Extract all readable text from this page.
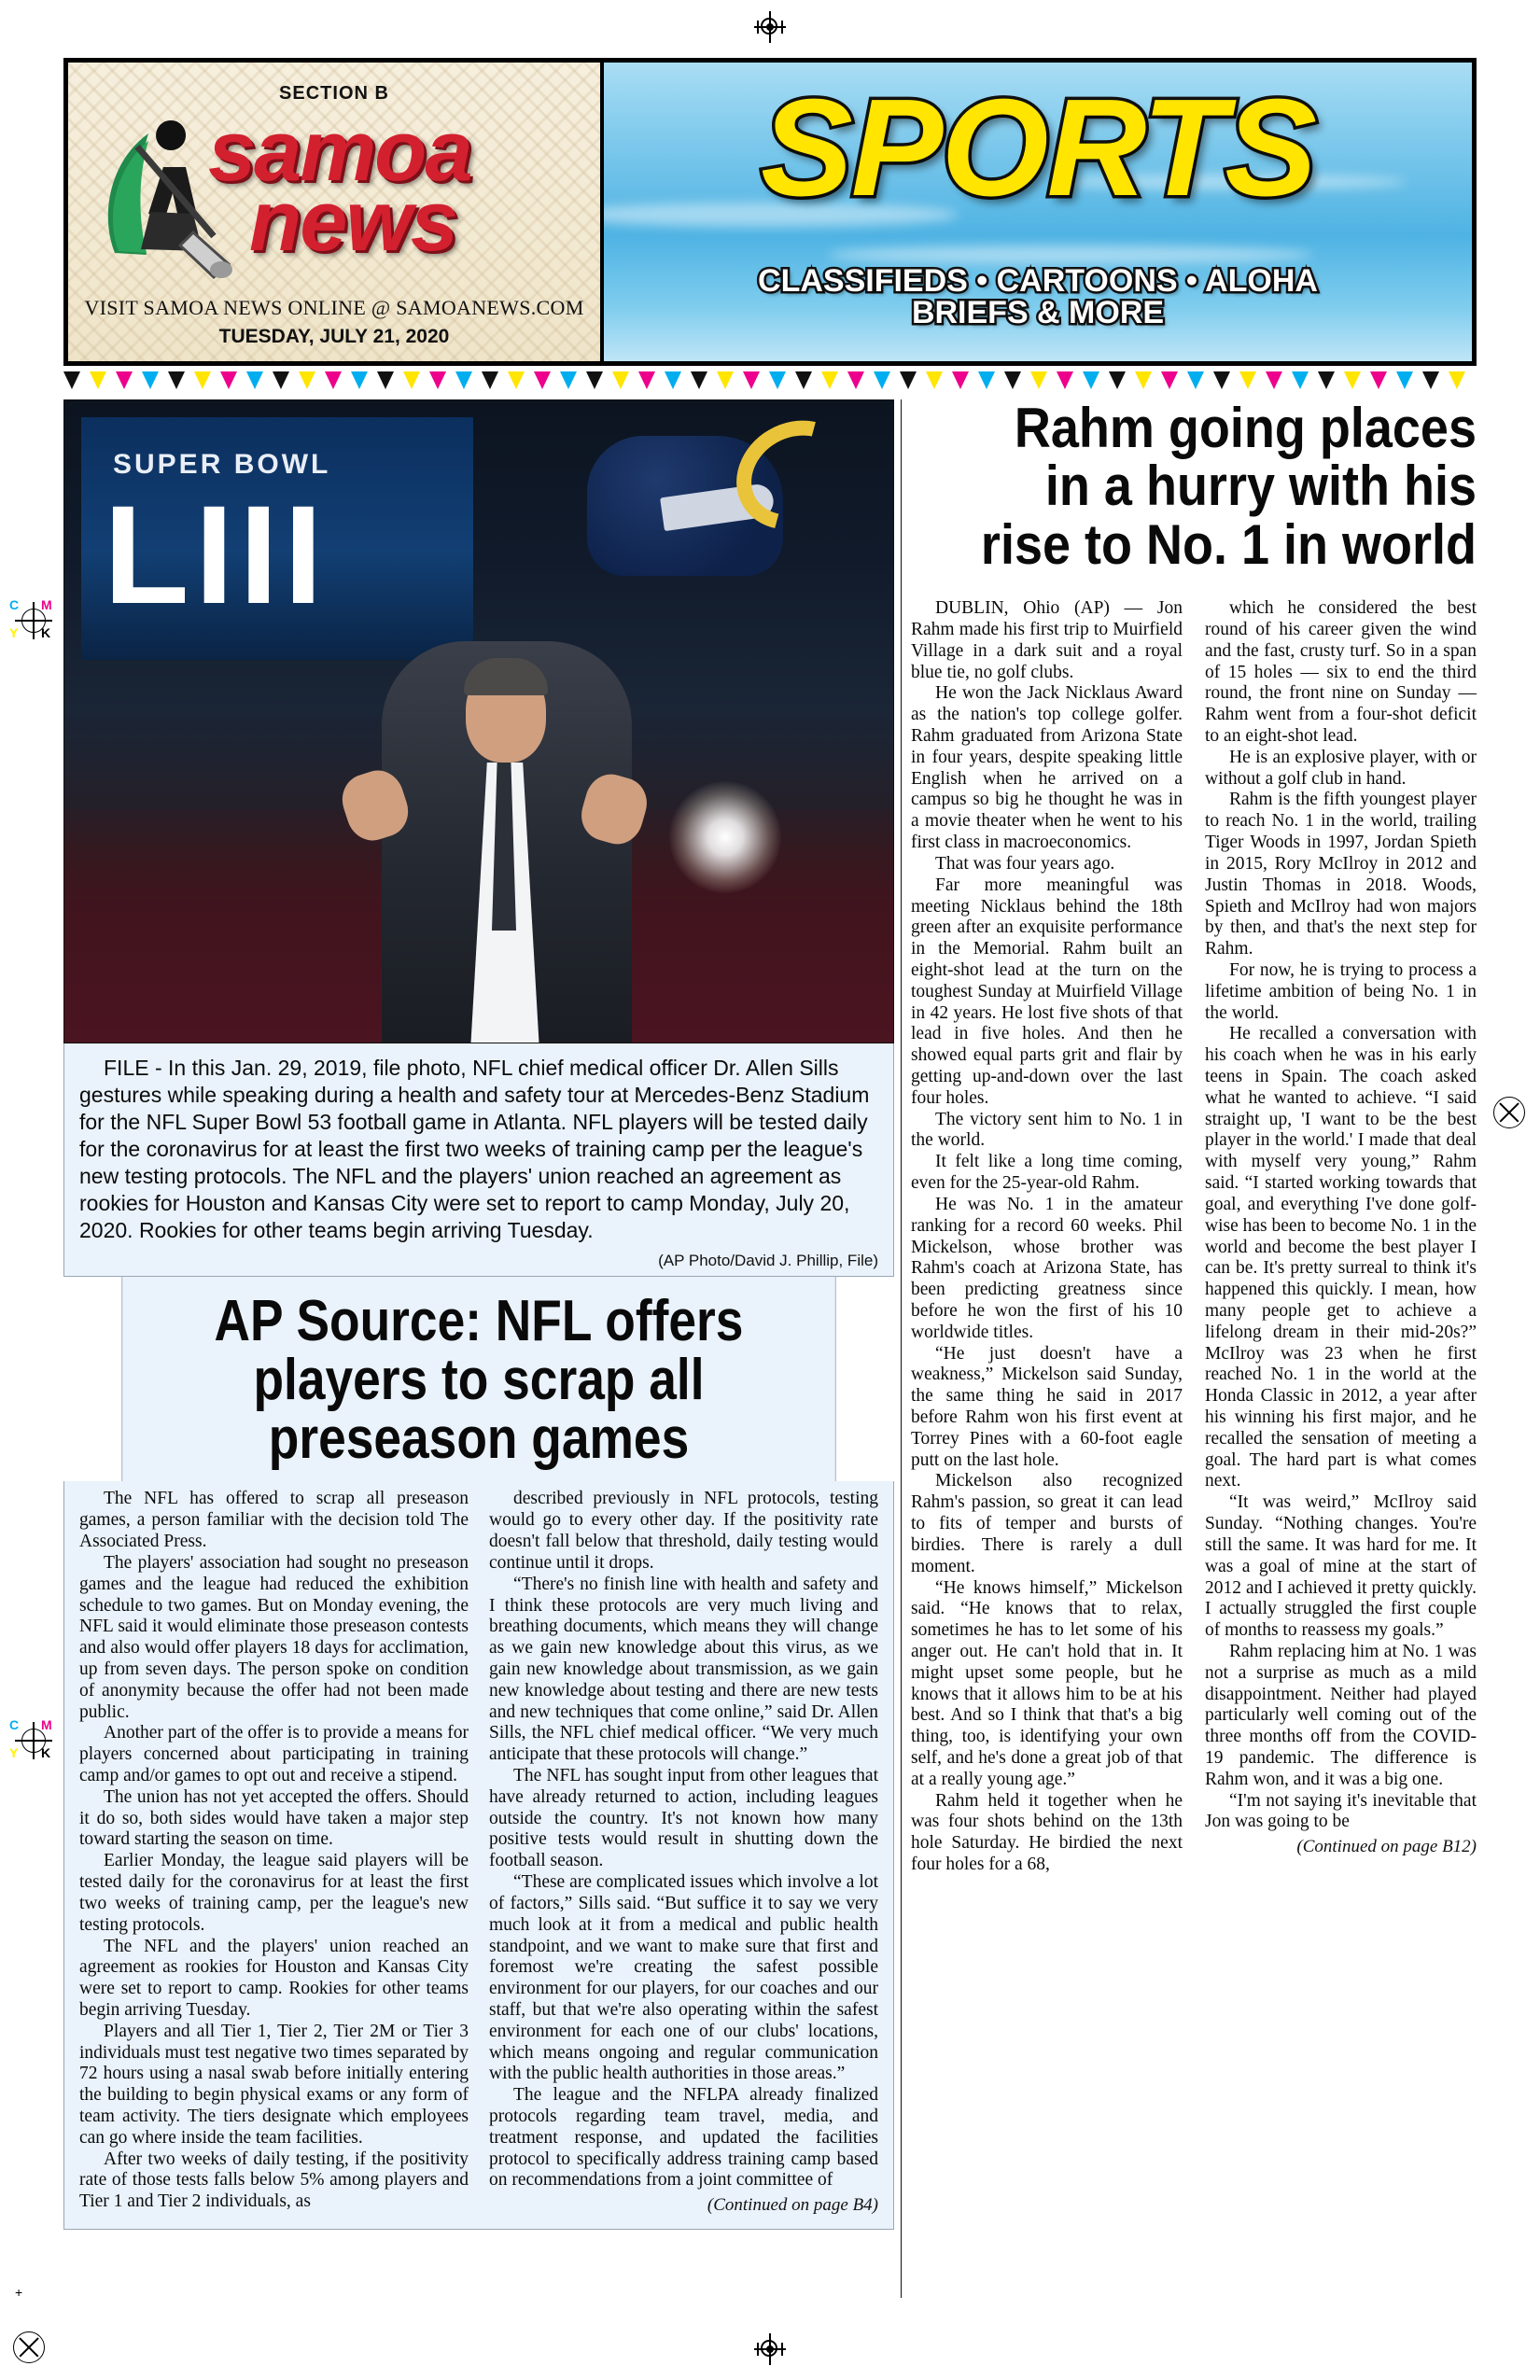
C M
Y K
C M
Y K
+
SECTION B
samoa
news
VISIT SAMOA NEWS ONLINE @ SAMOANEWS.COM
TUESDAY, JULY 21, 2020
SPORTS
CLASSIFIEDS • CARTOONS • ALOHA
BRIEFS & MORE
SUPER BOWL
LIII
FILE - In this Jan. 29, 2019, file photo, NFL chief medical officer Dr. Allen Sills gestures while speaking during a health and safety tour at Mercedes-Benz Stadium for the NFL Super Bowl 53 football game in Atlanta. NFL players will be tested daily for the coronavirus for at least the first two weeks of training camp per the league's new testing protocols. The NFL and the players' union reached an agreement as rookies for Houston and Kansas City were set to report to camp Monday, July 20, 2020. Rookies for other teams begin arriving Tuesday.
(AP Photo/David J. Phillip, File)
AP Source: NFL offers players to scrap all preseason games

The NFL has offered to scrap all preseason games, a person familiar with the decision told The Associated Press.

The players' association had sought no preseason games and the league had reduced the exhibition schedule to two games. But on Monday evening, the NFL said it would eliminate those preseason contests and also would offer players 18 days for acclimation, up from seven days. The person spoke on condition of anonymity because the offer had not been made public.

Another part of the offer is to provide a means for players concerned about participating in training camp and/or games to opt out and receive a stipend.

The union has not yet accepted the offers. Should it do so, both sides would have taken a major step toward starting the season on time.

Earlier Monday, the league said players will be tested daily for the coronavirus for at least the first two weeks of training camp, per the league's new testing protocols.

The NFL and the players' union reached an agreement as rookies for Houston and Kansas City were set to report to camp. Rookies for other teams begin arriving Tuesday.

Players and all Tier 1, Tier 2, Tier 2M or Tier 3 individuals must test negative two times separated by 72 hours using a nasal swab before initially entering the building to begin physical exams or any form of team activity. The tiers designate which employees can go where inside the team facilities.

After two weeks of daily testing, if the positivity rate of those tests falls below 5% among players and Tier 1 and Tier 2 individuals, as

described previously in NFL protocols, testing would go to every other day. If the positivity rate doesn't fall below that threshold, daily testing would continue until it drops.

“There's no finish line with health and safety and I think these protocols are very much living and breathing documents, which means they will change as we gain new knowledge about this virus, as we gain new knowledge about transmission, as we gain new knowledge about testing and there are new tests and new techniques that come online,” said Dr. Allen Sills, the NFL chief medical officer. “We very much anticipate that these protocols will change.”

The NFL has sought input from other leagues that have already returned to action, including leagues outside the country. It's not known how many positive tests would result in shutting down the football season.

“These are complicated issues which involve a lot of factors,” Sills said. “But suffice it to say we very much look at it from a medical and public health standpoint, and we want to make sure that first and foremost we're creating the safest possible environment for our players, for our coaches and our staff, but that we're also operating within the safest environment for each one of our clubs' locations, which means ongoing and regular communication with the public health authorities in those areas.”

The league and the NFLPA already finalized protocols regarding team travel, media, and treatment response, and updated the facilities protocol to specifically address training camp based on recommendations from a joint committee of

(Continued on page B4)
Rahm going places in a hurry with his rise to No. 1 in world

DUBLIN, Ohio (AP) — Jon Rahm made his first trip to Muirfield Village in a dark suit and a royal blue tie, no golf clubs.

He won the Jack Nicklaus Award as the nation's top college golfer. Rahm graduated from Arizona State in four years, despite speaking little English when he arrived on a campus so big he thought he was in a movie theater when he went to his first class in macroeconomics.

That was four years ago.

Far more meaningful was meeting Nicklaus behind the 18th green after an exquisite performance in the Memorial. Rahm built an eight-shot lead at the turn on the toughest Sunday at Muirfield Village in 42 years. He lost five shots of that lead in five holes. And then he showed equal parts grit and flair by getting up-and-down over the last four holes.

The victory sent him to No. 1 in the world.

It felt like a long time coming, even for the 25-year-old Rahm.

He was No. 1 in the amateur ranking for a record 60 weeks. Phil Mickelson, whose brother was Rahm's coach at Arizona State, has been predicting greatness since before he won the first of his 10 worldwide titles.

“He just doesn't have a weakness,” Mickelson said Sunday, the same thing he said in 2017 before Rahm won his first event at Torrey Pines with a 60-foot eagle putt on the last hole.

Mickelson also recognized Rahm's passion, so great it can lead to fits of temper and bursts of birdies. There is rarely a dull moment.

“He knows himself,” Mickelson said. “He knows that to relax, sometimes he has to let some of his anger out. He can't hold that in. It might upset some people, but he knows that it allows him to be at his best. And so I think that that's a big thing, too, is identifying your own self, and he's done a great job of that at a really young age.”

Rahm held it together when he was four shots behind on the 13th hole Saturday. He birdied the next four holes for a 68,

which he considered the best round of his career given the wind and the fast, crusty turf. So in a span of 15 holes — six to end the third round, the front nine on Sunday — Rahm went from a four-shot deficit to an eight-shot lead.

He is an explosive player, with or without a golf club in hand.

Rahm is the fifth youngest player to reach No. 1 in the world, trailing Tiger Woods in 1997, Jordan Spieth in 2015, Rory McIlroy in 2012 and Justin Thomas in 2018. Woods, Spieth and McIlroy had won majors by then, and that's the next step for Rahm.

For now, he is trying to process a lifetime ambition of being No. 1 in the world.

He recalled a conversation with his coach when he was in his early teens in Spain. The coach asked what he wanted to achieve. “I said straight up, 'I want to be the best player in the world.' I made that deal with myself very young,” Rahm said. “I started working towards that goal, and everything I've done golf-wise has been to become No. 1 in the world and become the best player I can be. It's pretty surreal to think it's happened this quickly. I mean, how many people get to achieve a lifelong dream in their mid-20s?” McIlroy was 23 when he first reached No. 1 in the world at the Honda Classic in 2012, a year after his winning his first major, and he recalled the sensation of meeting a goal. The hard part is what comes next.

“It was weird,” McIlroy said Sunday. “Nothing changes. You're still the same. It was hard for me. It was a goal of mine at the start of 2012 and I achieved it pretty quickly. I actually struggled the first couple of months to reassess my goals.”

Rahm replacing him at No. 1 was not a surprise as much as a mild disappointment. Neither had played particularly well coming out of the three months off from the COVID-19 pandemic. The difference is Rahm won, and it was a big one.

“I'm not saying it's inevitable that Jon was going to be

(Continued on page B12)
